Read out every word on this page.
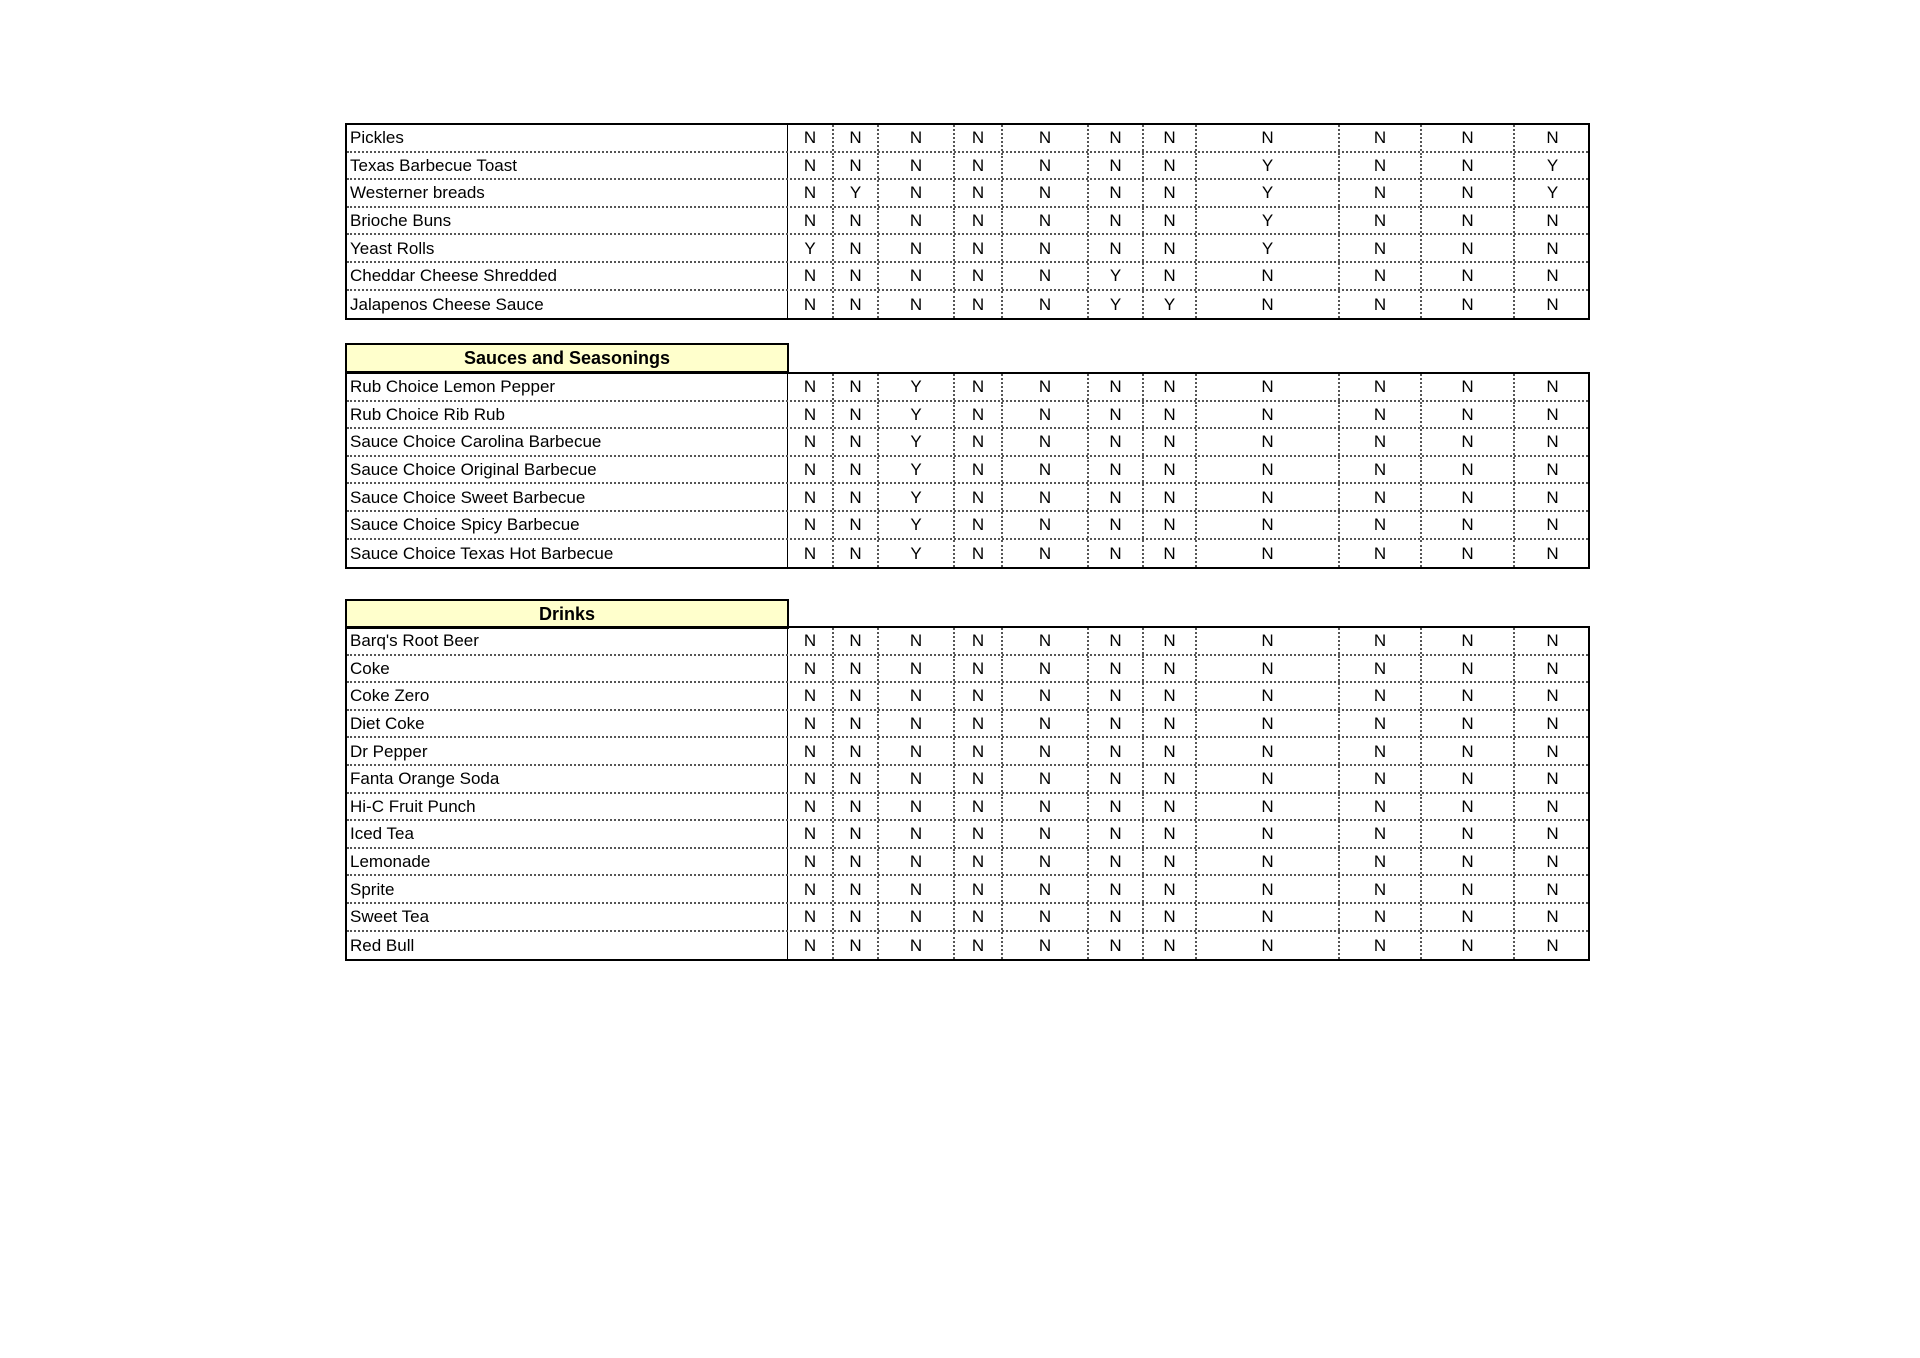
Pickles	N	N	N	N	N	N	N	N	N	N	N
Texas Barbecue Toast	N	N	N	N	N	N	N	Y	N	N	Y
Westerner breads	N	Y	N	N	N	N	N	Y	N	N	Y
Brioche Buns	N	N	N	N	N	N	N	Y	N	N	N
Yeast Rolls	Y	N	N	N	N	N	N	Y	N	N	N
Cheddar Cheese Shredded	N	N	N	N	N	Y	N	N	N	N	N
Jalapenos Cheese Sauce	N	N	N	N	N	Y	Y	N	N	N	N
Sauces and Seasonings
Rub Choice Lemon Pepper	N	N	Y	N	N	N	N	N	N	N	N
Rub Choice Rib Rub	N	N	Y	N	N	N	N	N	N	N	N
Sauce Choice Carolina Barbecue	N	N	Y	N	N	N	N	N	N	N	N
Sauce Choice Original Barbecue	N	N	Y	N	N	N	N	N	N	N	N
Sauce Choice Sweet Barbecue	N	N	Y	N	N	N	N	N	N	N	N
Sauce Choice Spicy Barbecue	N	N	Y	N	N	N	N	N	N	N	N
Sauce Choice Texas Hot Barbecue	N	N	Y	N	N	N	N	N	N	N	N
Drinks
Barq's Root Beer	N	N	N	N	N	N	N	N	N	N	N
Coke	N	N	N	N	N	N	N	N	N	N	N
Coke Zero	N	N	N	N	N	N	N	N	N	N	N
Diet Coke	N	N	N	N	N	N	N	N	N	N	N
Dr Pepper	N	N	N	N	N	N	N	N	N	N	N
Fanta Orange Soda	N	N	N	N	N	N	N	N	N	N	N
Hi-C Fruit Punch	N	N	N	N	N	N	N	N	N	N	N
Iced Tea	N	N	N	N	N	N	N	N	N	N	N
Lemonade	N	N	N	N	N	N	N	N	N	N	N
Sprite	N	N	N	N	N	N	N	N	N	N	N
Sweet Tea	N	N	N	N	N	N	N	N	N	N	N
Red Bull	N	N	N	N	N	N	N	N	N	N	N
